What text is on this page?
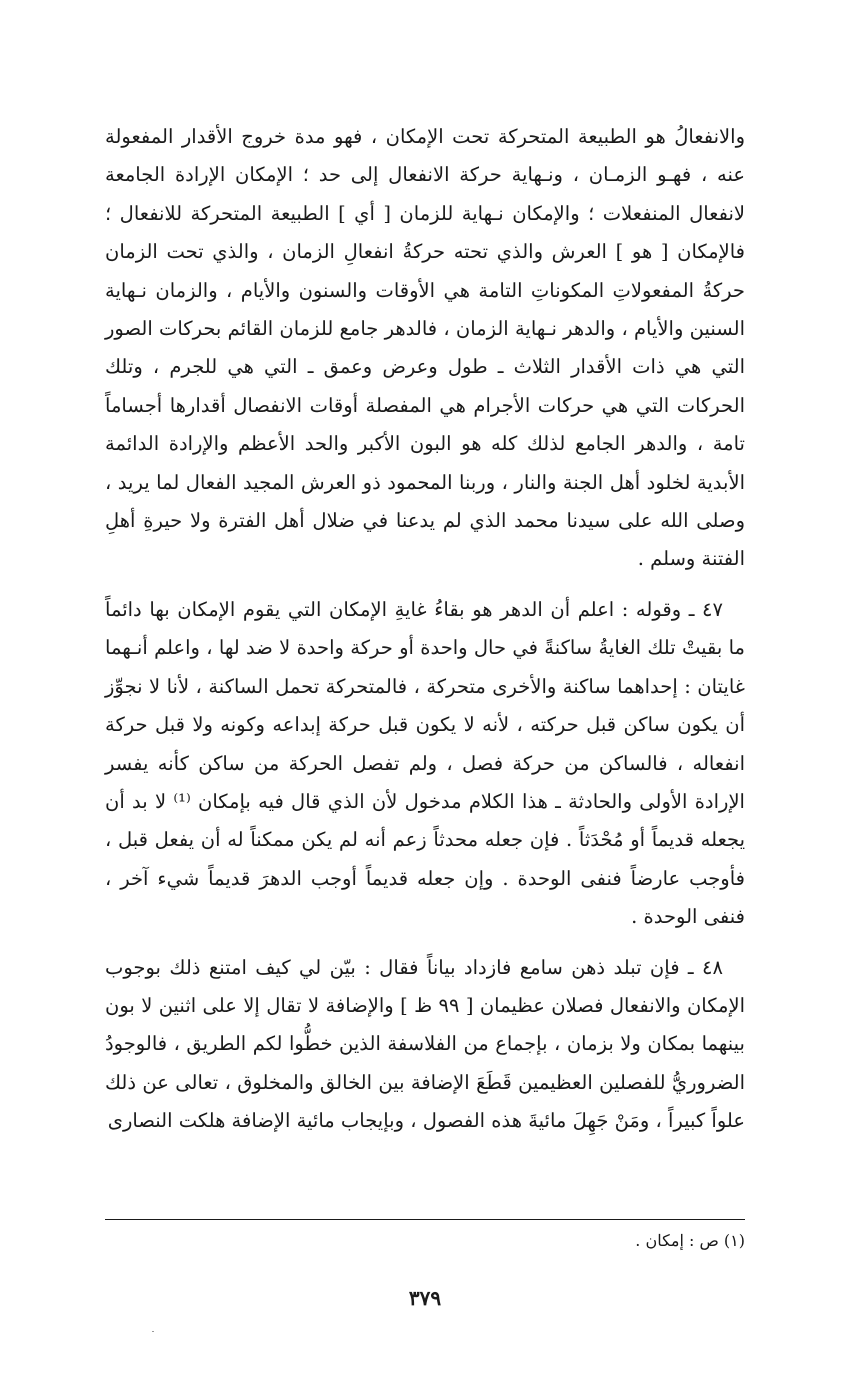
والانفعالُ هو الطبيعة المتحركة تحت الإمكان ، فهو مدة خروج الأقدار المفعولة عنه ، فهـو الزمـان ، ونـهاية حركة الانفعال إلى حد ؛ الإمكان الإرادة الجامعة لانفعال المنفعلات ؛ والإمكان نـهاية للزمان [ أي ] الطبيعة المتحركة للانفعال ؛ فالإمكان [ هو ] العرش والذي تحته حركةُ انفعالِ الزمان ، والذي تحت الزمان حركةُ المفعولاتِ المكوناتِ التامة هي الأوقات والسنون والأيام ، والزمان نـهاية السنين والأيام ، والدهر نـهاية الزمان ، فالدهر جامع للزمان القائم بحركات الصور التي هي ذات الأقدار الثلاث ـ طول وعرض وعمق ـ التي هي للجرم ، وتلك الحركات التي هي حركات الأجرام هي المفصلة أوقات الانفصال أقدارها أجساماً تامة ، والدهر الجامع لذلك كله هو البون الأكبر والحد الأعظم والإرادة الدائمة الأبدية لخلود أهل الجنة والنار ، وربنا المحمود ذو العرش المجيد الفعال لما يريد ، وصلى الله على سيدنا محمد الذي لم يدعنا في ضلال أهل الفترة ولا حيرةِ أهلِ الفتنة وسلم .

٤٧ ـ وقوله : اعلم أن الدهر هو بقاءُ غايةِ الإمكان التي يقوم الإمكان بها دائماً ما بقيتْ تلك الغايةُ ساكنةً في حال واحدة أو حركة واحدة لا ضد لها ، واعلم أنـهما غايتان : إحداهما ساكنة والأخرى متحركة ، فالمتحركة تحمل الساكنة ، لأنا لا نجوِّز أن يكون ساكن قبل حركته ، لأنه لا يكون قبل حركة إبداعه وكونه ولا قبل حركة انفعاله ، فالساكن من حركة فصل ، ولم تفصل الحركة من ساكن كأنه يفسر الإرادة الأولى والحادثة ـ هذا الكلام مدخول لأن الذي قال فيه بإمكان ⁽¹⁾ لا بد أن يجعله قديماً أو مُحْدَثاً . فإن جعله محدثاً زعم أنه لم يكن ممكناً له أن يفعل قبل ، فأوجب عارضاً فنفى الوحدة . وإن جعله قديماً أوجب الدهرَ قديماً شيء آخر ، فنفى الوحدة .

٤٨ ـ فإن تبلد ذهن سامع فازداد بياناً فقال : بيّن لي كيف امتنع ذلك بوجوب الإمكان والانفعال فصلان عظيمان [ ٩٩ ظ ] والإضافة لا تقال إلا على اثنين لا بون بينهما بمكان ولا بزمان ، بإجماع من الفلاسفة الذين خطُّوا لكم الطريق ، فالوجودُ الضروريُّ للفصلين العظيمين قَطَعَ الإضافة بين الخالق والمخلوق ، تعالى عن ذلك علواً كبيراً ، ومَنْ جَهِلَ مائيةَ هذه الفصول ، وبإيجاب مائية الإضافة هلكت النصارى

(١) ص : إمكان .
٣٧٩
